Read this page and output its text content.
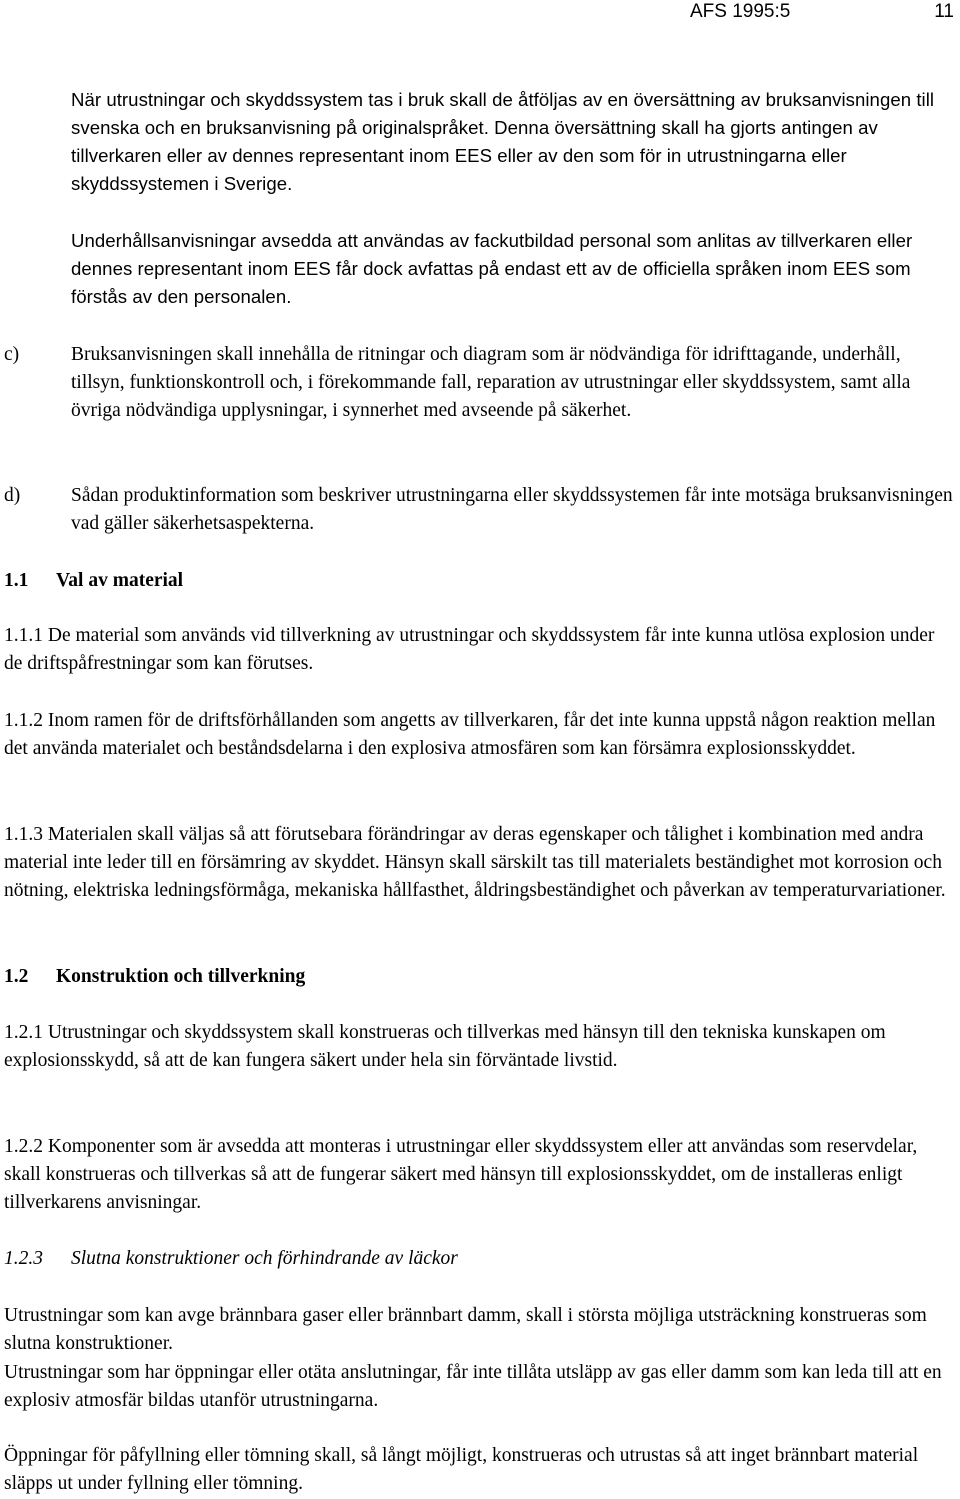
AFS 1995:5	11

När utrustningar och skyddssystem tas i bruk skall de åtföljas av en översättning av bruksanvisningen till svenska och en bruksanvisning på originalspråket. Denna översättning skall ha gjorts antingen av tillverkaren eller av dennes representant inom EES eller av den som för in utrustningarna eller skyddssystemen i Sverige.

Underhållsanvisningar avsedda att användas av fackutbildad personal som anlitas av tillverkaren eller dennes representant inom EES får dock avfattas på endast ett av de officiella språken inom EES som förstås av den personalen.

c)	Bruksanvisningen skall innehålla de ritningar och diagram som är nödvändiga för idrifttagande, underhåll, tillsyn, funktionskontroll och, i förekommande fall, reparation av utrustningar eller skyddssystem, samt alla övriga nödvändiga upplysningar, i synnerhet med avseende på säkerhet.

d)	Sådan produktinformation som beskriver utrustningarna eller skyddssystemen får inte motsäga bruksanvisningen vad gäller säkerhetsaspekterna.

1.1 Val av material

1.1.1 De material som används vid tillverkning av utrustningar och skyddssystem får inte kunna utlösa explosion under de driftspåfrestningar som kan förutses.

1.1.2 Inom ramen för de driftsförhållanden som angetts av tillverkaren, får det inte kunna uppstå någon reaktion mellan det använda materialet och beståndsdelarna i den explosiva atmosfären som kan försämra explosionsskyddet.

1.1.3 Materialen skall väljas så att förutsebara förändringar av deras egenskaper och tålighet i kombination med andra material inte leder till en försämring av skyddet. Hänsyn skall särskilt tas till materialets beständighet mot korrosion och nötning, elektriska ledningsförmåga, mekaniska hållfasthet, åldringsbeständighet och påverkan av temperaturvariationer.

1.2 Konstruktion och tillverkning

1.2.1 Utrustningar och skyddssystem skall konstrueras och tillverkas med hänsyn till den tekniska kunskapen om explosionsskydd, så att de kan fungera säkert under hela sin förväntade livstid.

1.2.2 Komponenter som är avsedda att monteras i utrustningar eller skyddssystem eller att användas som reservdelar, skall konstrueras och tillverkas så att de fungerar säkert med hänsyn till explosionsskyddet, om de installeras enligt tillverkarens anvisningar.

1.2.3 Slutna konstruktioner och förhindrande av läckor

Utrustningar som kan avge brännbara gaser eller brännbart damm, skall i största möjliga utsträckning konstrueras som slutna konstruktioner.

Utrustningar som har öppningar eller otäta anslutningar, får inte tillåta utsläpp av gas eller damm som kan leda till att en explosiv atmosfär bildas utanför utrustningarna.

Öppningar för påfyllning eller tömning skall, så långt möjligt, konstrueras och utrustas så att inget brännbart material släpps ut under fyllning eller tömning.
